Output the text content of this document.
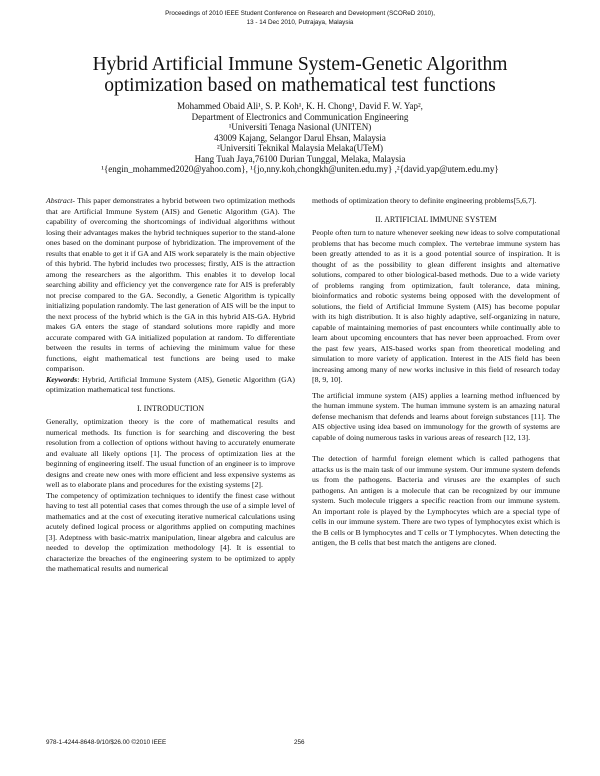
Proceedings of 2010 IEEE Student Conference on Research and Development (SCOReD 2010),
13 - 14 Dec 2010, Putrajaya, Malaysia
Hybrid Artificial Immune System-Genetic Algorithm
optimization based on mathematical test functions
Mohammed Obaid Ali¹, S. P. Koh¹, K. H. Chong¹, David F. W. Yap²,
Department of Electronics and Communication Engineering
¹Universiti Tenaga Nasional (UNITEN)
43009 Kajang, Selangor Darul Ehsan, Malaysia
²Universiti Teknikal Malaysia Melaka(UTeM)
Hang Tuah Jaya,76100 Durian Tunggal, Melaka, Malaysia
¹{engin_mohammed2020@yahoo.com}, ¹{jo,nny.koh,chongkh@uniten.edu.my} ,²{david.yap@utem.edu.my}

Abstract- This paper demonstrates a hybrid between two optimization methods that are Artificial Immune System (AIS) and Genetic Algorithm (GA). The capability of overcoming the shortcomings of individual algorithms without losing their advantages makes the hybrid techniques superior to the stand-alone ones based on the dominant purpose of hybridization. The improvement of the results that enable to get it if GA and AIS work separately is the main objective of this hybrid. The hybrid includes two processes; firstly, AIS is the attraction among the researchers as the algorithm. This enables it to develop local searching ability and efficiency yet the convergence rate for AIS is preferably not precise compared to the GA. Secondly, a Genetic Algorithm is typically initializing population randomly. The last generation of AIS will be the input to the next process of the hybrid which is the GA in this hybrid AIS-GA. Hybrid makes GA enters the stage of standard solutions more rapidly and more accurate compared with GA initialized population at random. To differentiate between the results in terms of achieving the minimum value for these functions, eight mathematical test functions are being used to make comparison.

Keywords: Hybrid, Artificial Immune System (AIS), Genetic Algorithm (GA) optimization mathematical test functions.

I. INTRODUCTION

Generally, optimization theory is the core of mathematical results and numerical methods. Its function is for searching and discovering the best resolution from a collection of options without having to accurately enumerate and evaluate all likely options [1]. The process of optimization lies at the beginning of engineering itself. The usual function of an engineer is to improve designs and create new ones with more efficient and less expensive systems as well as to elaborate plans and procedures for the existing systems [2].

The competency of optimization techniques to identify the finest case without having to test all potential cases that comes through the use of a simple level of mathematics and at the cost of executing iterative numerical calculations using acutely defined logical process or algorithms applied on computing machines [3]. Adeptness with basic-matrix manipulation, linear algebra and calculus are needed to develop the optimization methodology [4]. It is essential to characterize the breaches of the engineering system to be optimized to apply the mathematical results and numerical

methods of optimization theory to definite engineering problems[5,6,7].

II. ARTIFICIAL IMMUNE SYSTEM

People often turn to nature whenever seeking new ideas to solve computational problems that has become much complex. The vertebrae immune system has been greatly attended to as it is a good potential source of inspiration. It is thought of as the possibility to glean different insights and alternative solutions, compared to other biological-based methods. Due to a wide variety of problems ranging from optimization, fault tolerance, data mining, bioinformatics and robotic systems being opposed with the development of solutions, the field of Artificial Immune System (AIS) has become popular with its high distribution. It is also highly adaptive, self-organizing in nature, capable of maintaining memories of past encounters while continually able to learn about upcoming encounters that has never been approached. From over the past few years, AIS-based works span from theoretical modeling and simulation to more variety of application. Interest in the AIS field has been increasing among many of new works inclusive in this field of research today [8, 9, 10].

The artificial immune system (AIS) applies a learning method influenced by the human immune system. The human immune system is an amazing natural defense mechanism that defends and learns about foreign substances [11]. The AIS objective using idea based on immunology for the growth of systems are capable of doing numerous tasks in various areas of research [12, 13].

The detection of harmful foreign element which is called pathogens that attacks us is the main task of our immune system. Our immune system defends us from the pathogens. Bacteria and viruses are the examples of such pathogens. An antigen is a molecule that can be recognized by our immune system. Such molecule triggers a specific reaction from our immune system. An important role is played by the Lymphocytes which are a special type of cells in our immune system. There are two types of lymphocytes exist which is the B cells or B lymphocytes and T cells or T lymphocytes. When detecting the antigen, the B cells that best match the antigens are cloned.

978-1-4244-8648-9/10/$26.00 ©2010 IEEE	256
